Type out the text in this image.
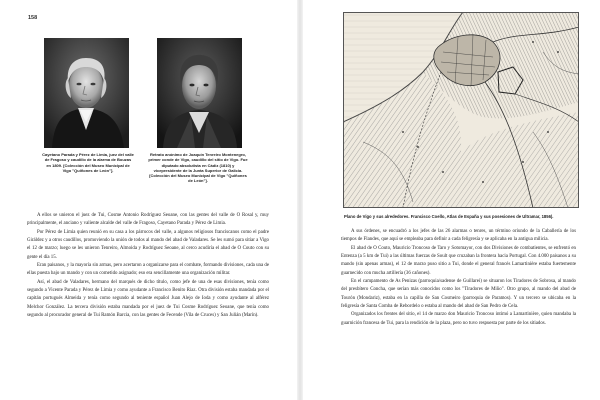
158
Cayetano Parada y Pérez de Limia, juez del valle de Fragoso y caudillo de la alarma de Bouzas en 1809. [Colección del Museo Municipal de Vigo "Quiñones de León"].
Retrato anónimo de Joaquín Tenreiro Montenegro, primer conde de Vigo, caudillo del sitio de Vigo. Fue diputado absolutista en Cádiz (1810) y vicepresidente de la Junta Superior de Galicia. [Colección del Museo Municipal de Vigo "Quiñones de León"].

A ellos se unieron el juez de Tui, Cosme Antonio Rodríguez Seoane, con las gentes del valle de O Rosal y, muy principalmente, el anciano y valiente alcalde del valle de Fragoso, Cayetano Parada y Pérez de Limia.

Por Pérez de Limia quien reunió en su casa a los párrocos del valle, a algunos religiosos franciscanos como el padre Giráldez y a otros caudillos, promoviendo la unión de todos al mando del abad de Valadares. Se les sumó para sitiar a Vigo el 12 de marzo; luego se les unieron Tenreiro, Almoida y Rodríguez Seoane, al cerco acudiría el abad de O Couto con su gente el día 15.

Eran paisanos, y la mayoría sin armas, pero acertaron a organizarse para el combate, formando divisiones, cada una de ellas puesta bajo un mando y con un cometido asignado; eso era sencillamente una organización militar.

Así, el abad de Valadares, hermano del marqués de dicho título, como jefe de una de esas divisiones, tenía como segundo a Vicente Parada y Pérez de Limia y como ayudante a Francisco Benito Riaz. Otra división estaba mandada por el capitán portugués Almeida y tenía como segundo al teniente español Juan Alejo de Ioda y como ayudante al alférez Melchor González. La tercera división estaba mandada por el juez de Tui Cosme Rodríguez Seoane, que tenía como segundo al procurador general de Tui Ramón Barcia, con las gentes de Fecende (Vila de Cruces) y San Julián (Marín).

Plano de Vigo y sus alrededores. Francisco Coello, Atlas de España y sus posesiones de Ultramar, 1856).

A sus órdenes, se encuadró a los jefes de las 26 alarmas o tenres, un término oriundo de la Caballería de los tiempos de Flandes, que aquí se empleaba para definir a cada feligresía y se aplicaba en la antigua milicia.

El abad de O Couto, Mauricio Troncoso de Taro y Sotomayor, con dos Divisiones de combatientes, se enfrentó en Entenza (a 5 km de Tui) a las últimas fuerzas de Soult que cruzaban la frontera hacia Portugal. Con 4.000 paisanos a su mando (sin apenas armas), el 12 de marzo puso sitio a Tui, donde el general francés Lamartinière estaba fuertemente guarnecido con mucha artillería (36 cañones).

En el campamento de As Penizas (parroquia/sadense de Guillarei) se situaron los Tiradores de Sobrosa, al mando del presbítero Concha, que serían más conocidos como los "Tiradores de Miño". Otro grupo, al mando del abad de Tourón (Mondariz), estaba en la capilla de San Cosmeiro (parroquia de Paramos). Y un tercero se ubicaba en la feligresía de Santa Comba de Rebordelo o estaba al mando del abad de San Pedro de Cela.

Organizados los frentes del sitio, el 14 de marzo don Mauricio Troncoso intimó a Lamartinière, quien mandaba la guarnición francesa de Tui, para la rendición de la plaza, pero no tuvo respuesta por parte de los sitiados.
